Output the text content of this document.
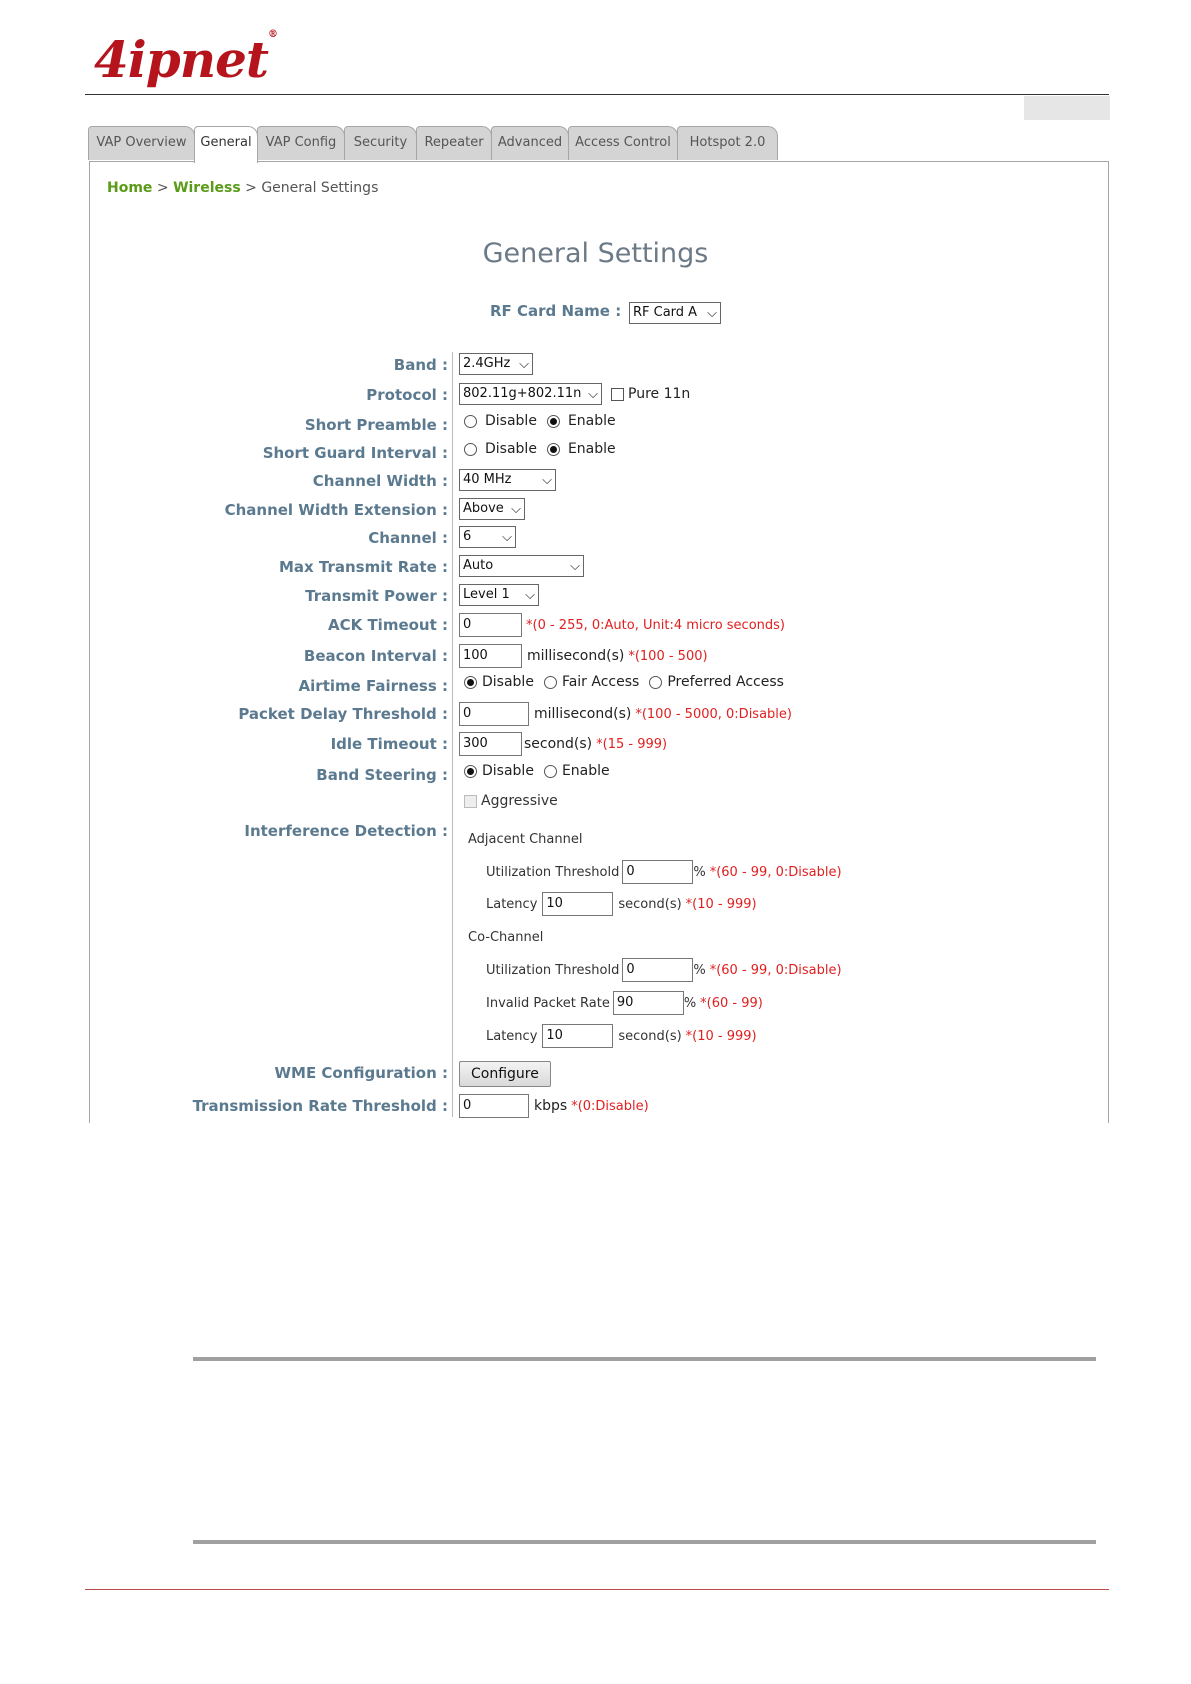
4ipnet®
VAP Overview	General	VAP Config	Security	Repeater	Advanced	Access Control	Hotspot 2.0
Home > Wireless > General Settings
General Settings
RF Card Name : RF Card A ⌵
Band :	2.4GHz ⌵
Protocol :	802.11g+802.11n ⌵ Pure 11n
Short Preamble :	Disable Enable
Short Guard Interval :	Disable Enable
Channel Width :	40 MHz ⌵
Channel Width Extension :	Above ⌵
Channel :	6 ⌵
Max Transmit Rate :	Auto	⌵
Transmit Power :	Level 1 ⌵
ACK Timeout :	0	*(0 - 255, 0:Auto, Unit:4 micro seconds)
Beacon Interval :	100	millisecond(s) *(100 - 500)
Airtime Fairness : Disable Fair Access Preferred Access
Packet Delay Threshold :	0	millisecond(s) *(100 - 5000, 0:Disable)
Idle Timeout :	300	second(s) *(15 - 999)
Band Steering : Disable Enable
Aggressive
Interference Detection : Adjacent Channel
Utilization Threshold 0	% *(60 - 99, 0:Disable)
Latency 10	second(s) *(10 - 999)
Co-Channel
Utilization Threshold 0	% *(60 - 99, 0:Disable)
Invalid Packet Rate 90	% *(60 - 99)
Latency 10	second(s) *(10 - 999)
WME Configuration :	Configure
Transmission Rate Threshold :	0	kbps *(0:Disable)
